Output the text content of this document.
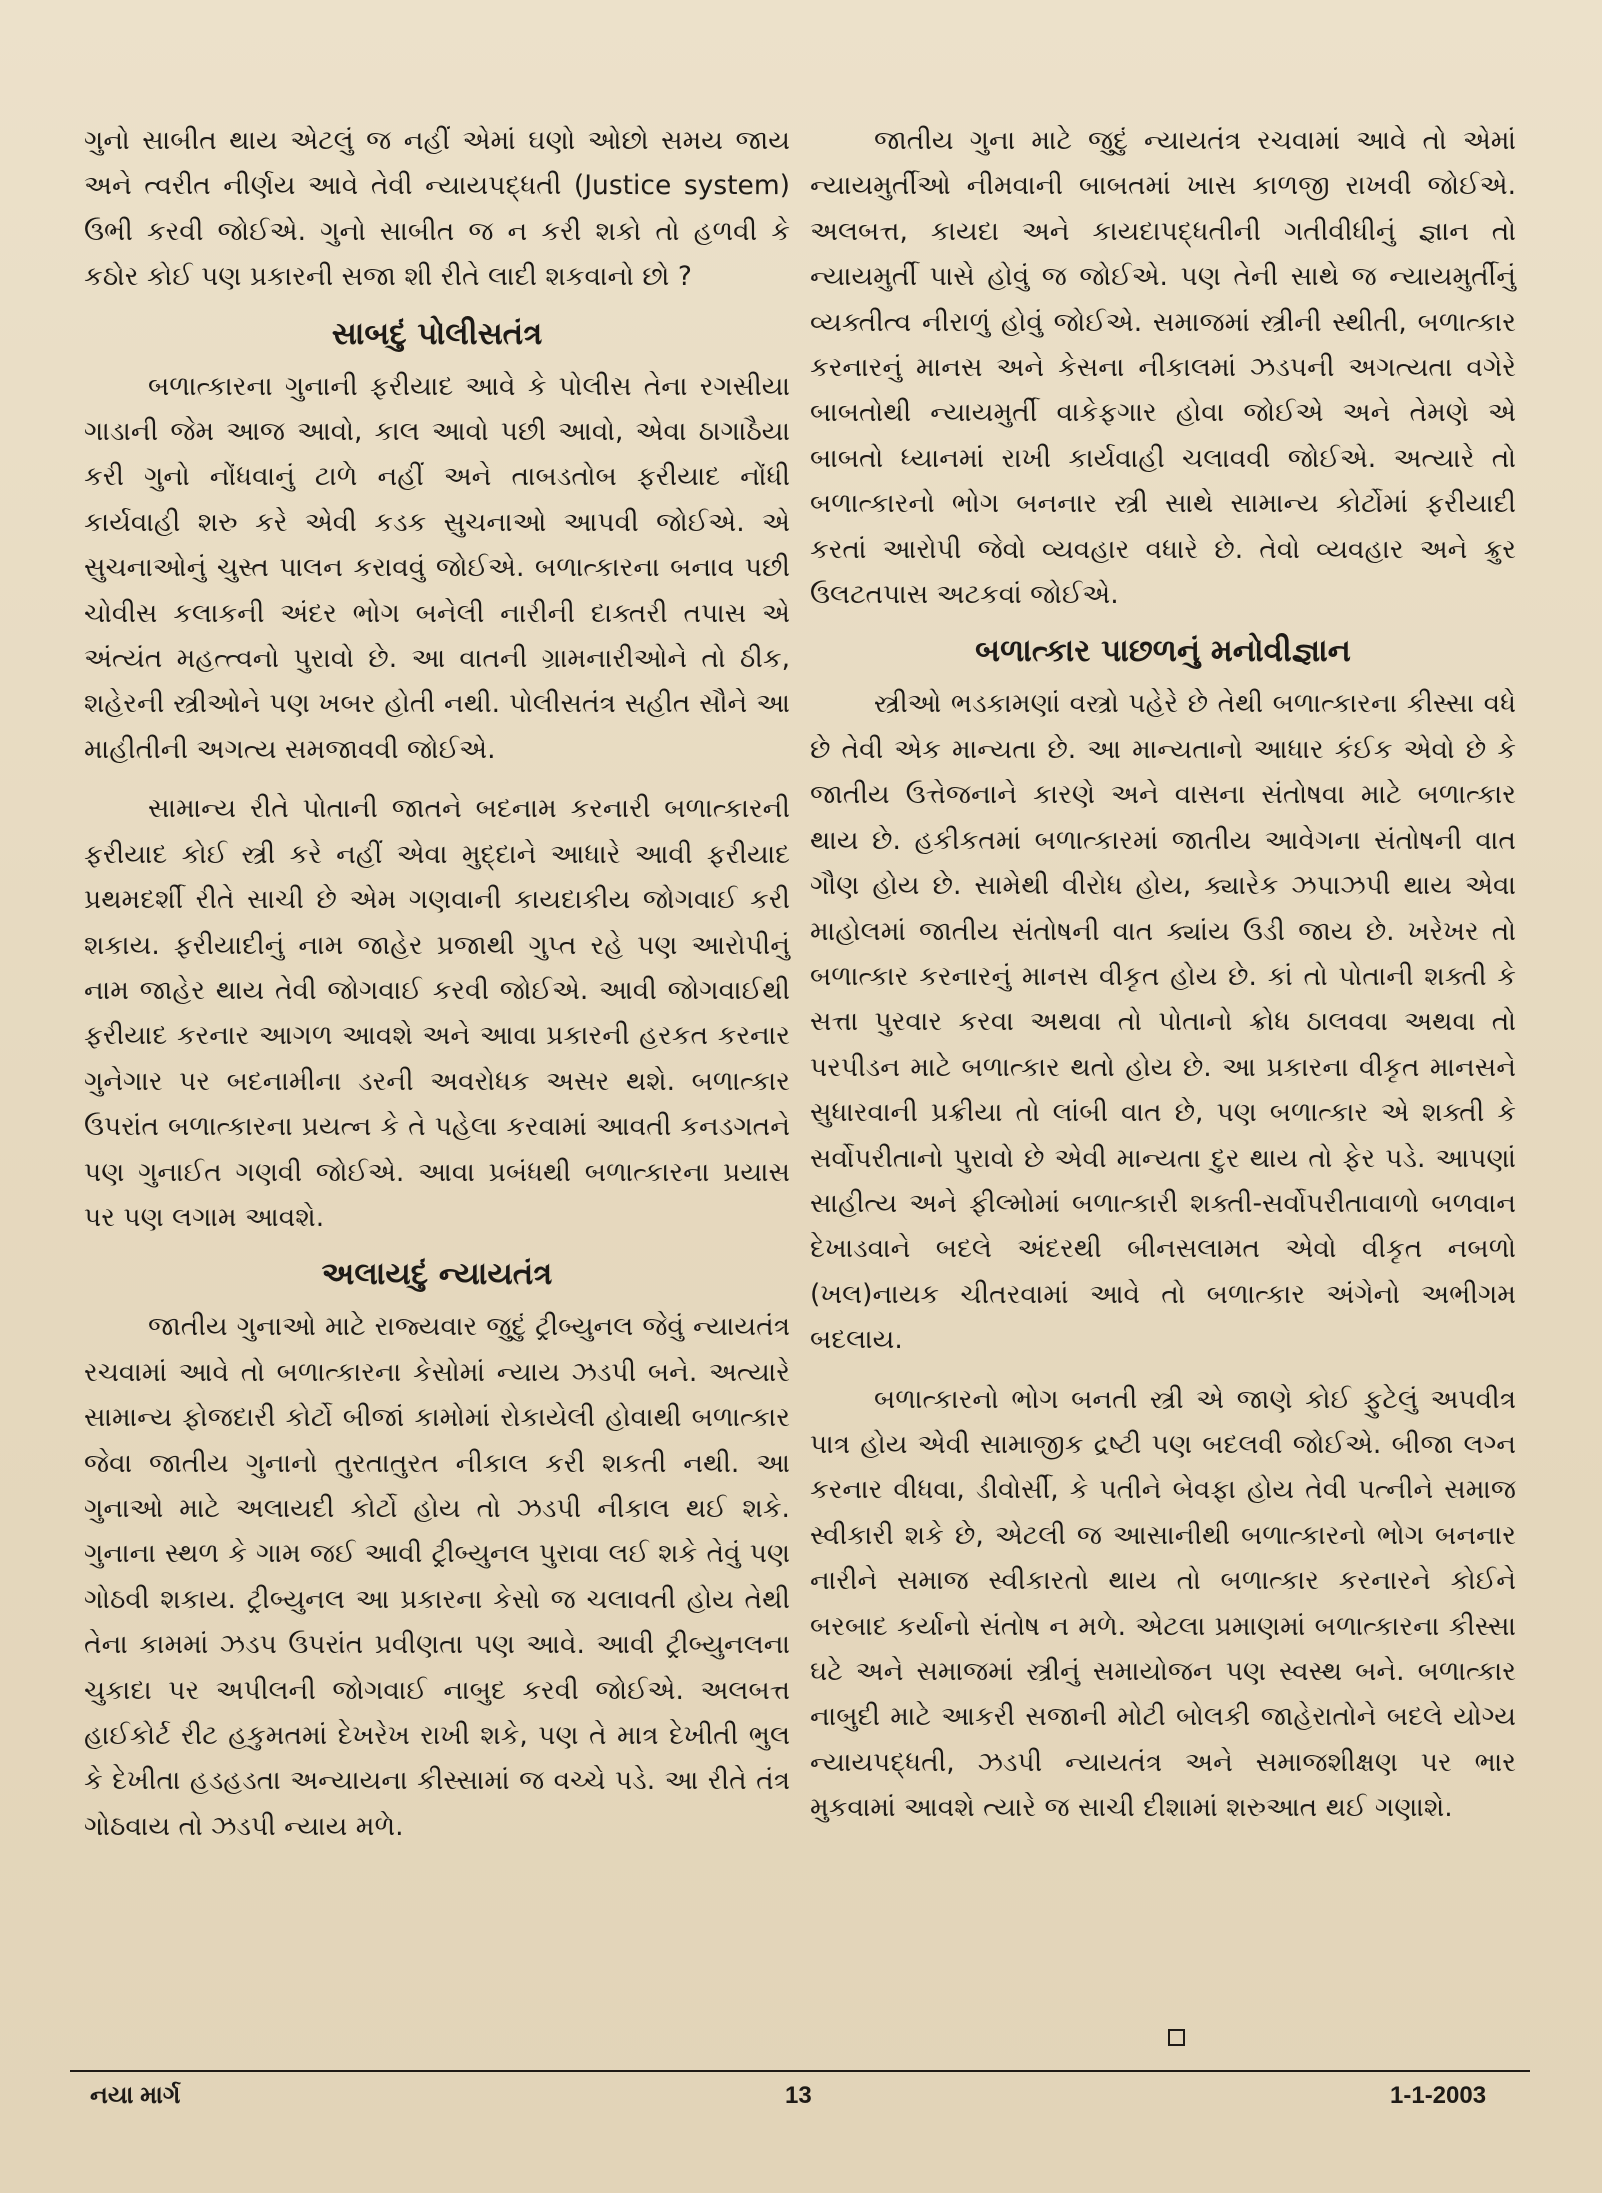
ગુનો સાબીત થાય એટલું જ નહીં એમાં ઘણો ઓછો સમય જાય અને ત્વરીત નીર્ણય આવે તેવી ન્યાયપદ્ધતી (Justice system) ઉભી કરવી જોઈએ. ગુનો સાબીત જ ન કરી શકો તો હળવી કે કઠોર કોઈ પણ પ્રકારની સજા શી રીતે લાદી શકવાનો છો ?

સાબદું પોલીસતંત્ર

બળાત્કારના ગુનાની ફરીયાદ આવે કે પોલીસ તેના રગસીયા ગાડાની જેમ આજ આવો, કાલ આવો પછી આવો, એવા ઠાગાઠૈયા કરી ગુનો નોંધવાનું ટાળે નહીં અને તાબડતોબ ફરીયાદ નોંધી કાર્યવાહી શરુ કરે એવી કડક સુચનાઓ આપવી જોઈએ. એ સુચનાઓનું ચુસ્ત પાલન કરાવવું જોઈએ. બળાત્કારના બનાવ પછી ચોવીસ કલાકની અંદર ભોગ બનેલી નારીની દાક્તરી તપાસ એ અંત્યંત મહત્ત્વનો પુરાવો છે. આ વાતની ગ્રામનારીઓને તો ઠીક, શહેરની સ્ત્રીઓને પણ ખબર હોતી નથી. પોલીસતંત્ર સહીત સૌને આ માહીતીની અગત્ય સમજાવવી જોઈએ.

સામાન્ય રીતે પોતાની જાતને બદનામ કરનારી બળાત્કારની ફરીયાદ કોઈ સ્ત્રી કરે નહીં એવા મુદ્દાને આધારે આવી ફરીયાદ પ્રથમદર્શી રીતે સાચી છે એમ ગણવાની કાયદાકીય જોગવાઈ કરી શકાય. ફરીયાદીનું નામ જાહેર પ્રજાથી ગુપ્ત રહે પણ આરોપીનું નામ જાહેર થાય તેવી જોગવાઈ કરવી જોઈએ. આવી જોગવાઈથી ફરીયાદ કરનાર આગળ આવશે અને આવા પ્રકારની હરકત કરનાર ગુનેગાર પર બદનામીના ડરની અવરોધક અસર થશે. બળાત્કાર ઉપરાંત બળાત્કારના પ્રયત્ન કે તે પહેલા કરવામાં આવતી કનડગતને પણ ગુનાઈત ગણવી જોઈએ. આવા પ્રબંધથી બળાત્કારના પ્રયાસ પર પણ લગામ આવશે.

અલાયદું ન્યાયતંત્ર

જાતીય ગુનાઓ માટે રાજ્યવાર જુદું ટ્રીબ્યુનલ જેવું ન્યાયતંત્ર રચવામાં આવે તો બળાત્કારના કેસોમાં ન્યાય ઝડપી બને. અત્યારે સામાન્ય ફોજદારી કોર્ટો બીજાં કામોમાં રોકાયેલી હોવાથી બળાત્કાર જેવા જાતીય ગુનાનો તુરતાતુરત નીકાલ કરી શકતી નથી. આ ગુનાઓ માટે અલાયદી કોર્ટો હોય તો ઝડપી નીકાલ થઈ શકે. ગુનાના સ્થળ કે ગામ જઈ આવી ટ્રીબ્યુનલ પુરાવા લઈ શકે તેવું પણ ગોઠવી શકાય. ટ્રીબ્યુનલ આ પ્રકારના કેસો જ ચલાવતી હોય તેથી તેના કામમાં ઝડપ ઉપરાંત પ્રવીણતા પણ આવે. આવી ટ્રીબ્યુનલના ચુકાદા પર અપીલની જોગવાઈ નાબુદ કરવી જોઈએ. અલબત્ત હાઈકોર્ટ રીટ હકુમતમાં દેખરેખ રાખી શકે, પણ તે માત્ર દેખીતી ભુલ કે દેખીતા હડહડતા અન્યાયના કીસ્સામાં જ વચ્ચે પડે. આ રીતે તંત્ર ગોઠવાય તો ઝડપી ન્યાય મળે.

જાતીય ગુના માટે જુદું ન્યાયતંત્ર રચવામાં આવે તો એમાં ન્યાયમુર્તીઓ નીમવાની બાબતમાં ખાસ કાળજી રાખવી જોઈએ. અલબત્ત, કાયદા અને કાયદાપદ્ધતીની ગતીવીધીનું જ્ઞાન તો ન્યાયમુર્તી પાસે હોવું જ જોઈએ. પણ તેની સાથે જ ન્યાયમુર્તીનું વ્યક્તીત્વ નીરાળું હોવું જોઈએ. સમાજમાં સ્ત્રીની સ્થીતી, બળાત્કાર કરનારનું માનસ અને કેસના નીકાલમાં ઝડપની અગત્યતા વગેરે બાબતોથી ન્યાયમુર્તી વાકેફગાર હોવા જોઈએ અને તેમણે એ બાબતો ધ્યાનમાં રાખી કાર્યવાહી ચલાવવી જોઈએ. અત્યારે તો બળાત્કારનો ભોગ બનનાર સ્ત્રી સાથે સામાન્ય કોર્ટોમાં ફરીયાદી કરતાં આરોપી જેવો વ્યવહાર વધારે છે. તેવો વ્યવહાર અને ક્રુર ઉલટતપાસ અટકવાં જોઈએ.

બળાત્કાર પાછળનું મનોવીજ્ઞાન

સ્ત્રીઓ ભડકામણાં વસ્ત્રો પહેરે છે તેથી બળાત્કારના કીસ્સા વધે છે તેવી એક માન્યતા છે. આ માન્યતાનો આધાર કંઈક એવો છે કે જાતીય ઉત્તેજનાને કારણે અને વાસના સંતોષવા માટે બળાત્કાર થાય છે. હકીકતમાં બળાત્કારમાં જાતીય આવેગના સંતોષની વાત ગૌણ હોય છે. સામેથી વીરોધ હોય, ક્યારેક ઝપાઝપી થાય એવા માહોલમાં જાતીય સંતોષની વાત ક્યાંય ઉડી જાય છે. ખરેખર તો બળાત્કાર કરનારનું માનસ વીકૃત હોય છે. કાં તો પોતાની શક્તી કે સત્તા પુરવાર કરવા અથવા તો પોતાનો ક્રોધ ઠાલવવા અથવા તો પરપીડન માટે બળાત્કાર થતો હોય છે. આ પ્રકારના વીકૃત માનસને સુધારવાની પ્રક્રીયા તો લાંબી વાત છે, પણ બળાત્કાર એ શક્તી કે સર્વોપરીતાનો પુરાવો છે એવી માન્યતા દુર થાય તો ફેર પડે. આપણાં સાહીત્ય અને ફીલ્મોમાં બળાત્કારી શક્તી-સર્વોપરીતાવાળો બળવાન દેખાડવાને બદલે અંદરથી બીનસલામત એવો વીકૃત નબળો (ખલ)નાયક ચીતરવામાં આવે તો બળાત્કાર અંગેનો અભીગમ બદલાય.

બળાત્કારનો ભોગ બનતી સ્ત્રી એ જાણે કોઈ ફુટેલું અપવીત્ર પાત્ર હોય એવી સામાજીક દ્રષ્ટી પણ બદલવી જોઈએ. બીજા લગ્ન કરનાર વીધવા, ડીવોર્સી, કે પતીને બેવફા હોય તેવી પત્નીને સમાજ સ્વીકારી શકે છે, એટલી જ આસાનીથી બળાત્કારનો ભોગ બનનાર નારીને સમાજ સ્વીકારતો થાય તો બળાત્કાર કરનારને કોઈને બરબાદ કર્યાનો સંતોષ ન મળે. એટલા પ્રમાણમાં બળાત્કારના કીસ્સા ઘટે અને સમાજમાં સ્ત્રીનું સમાયોજન પણ સ્વસ્થ બને. બળાત્કાર નાબુદી માટે આકરી સજાની મોટી બોલકી જાહેરાતોને બદલે યોગ્ય ન્યાયપદ્ધતી, ઝડપી ન્યાયતંત્ર અને સમાજશીક્ષણ પર ભાર મુકવામાં આવશે ત્યારે જ સાચી દીશામાં શરુઆત થઈ ગણાશે.

નયા માર્ગ	13	1-1-2003
